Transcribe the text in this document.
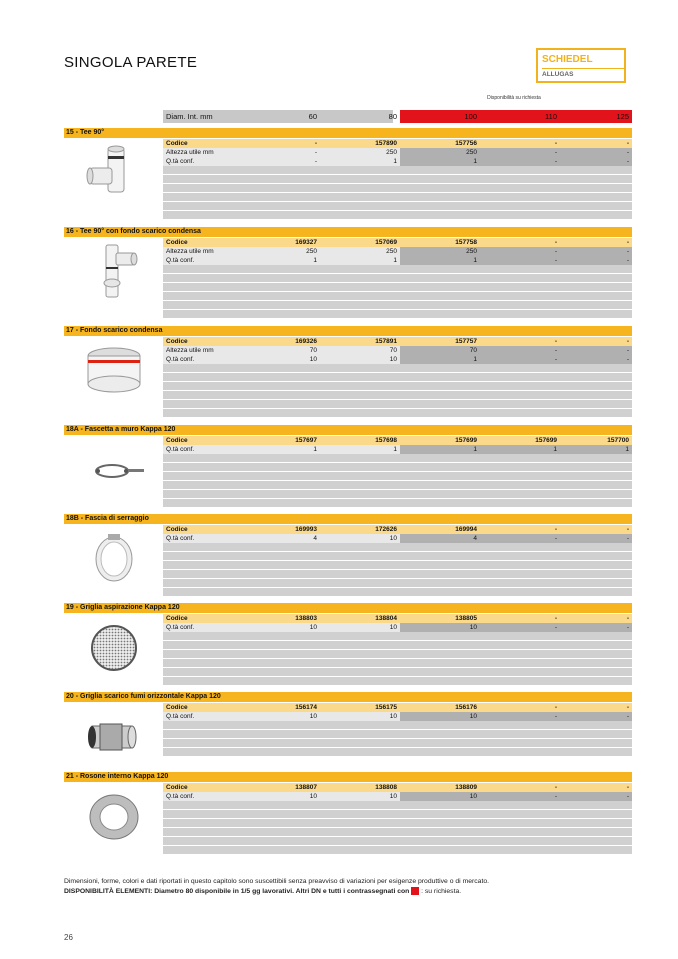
SINGOLA PARETE	SCHIEDEL
ALLUGAS
Disponibilità su richiesta
Diam. Int. mm	60	80	100	110	125
15 - Tee 90°
Codice	-	157890	157756	-	-
Altezza utile mm	-	250	250	-	-
Q.tà conf.	-	1	1	-	-
16 - Tee 90° con fondo scarico condensa
Codice	169327	157069	157758	-	-
Altezza utile mm	250	250	250	-	-
Q.tà conf.	1	1	1	-	-
17 - Fondo scarico condensa
Codice	169326	157891	157757	-	-
Altezza utile mm	70	70	70	-	-
Q.tà conf.	10	10	1	-	-
18A - Fascetta a muro Kappa 120
Codice	157697	157698	157699	157699	157700
Q.tà conf.	1	1	1	1	1
18B - Fascia di serraggio
Codice	169993	172626	169994	-	-
Q.tà conf.	4	10	4	-	-
19 - Griglia aspirazione Kappa 120
Codice	138803	138804	138805	-	-
Q.tà conf.	10	10	10	-	-
20 - Griglia scarico fumi orizzontale Kappa 120
Codice	156174	156175	156176	-	-
Q.tà conf.	10	10	10	-	-
21 - Rosone interno Kappa 120
Codice	138807	138808	138809	-	-
Q.tà conf.	10	10	10	-	-
Dimensioni, forme, colori e dati riportati in questo capitolo sono suscettibili senza preavviso di variazioni per esigenze produttive o di mercato.
DISPONIBILITÀ ELEMENTI: Diametro 80 disponibile in 1/5 gg lavorativi. Altri DN e tutti i contrassegnati con : su richiesta.
26
